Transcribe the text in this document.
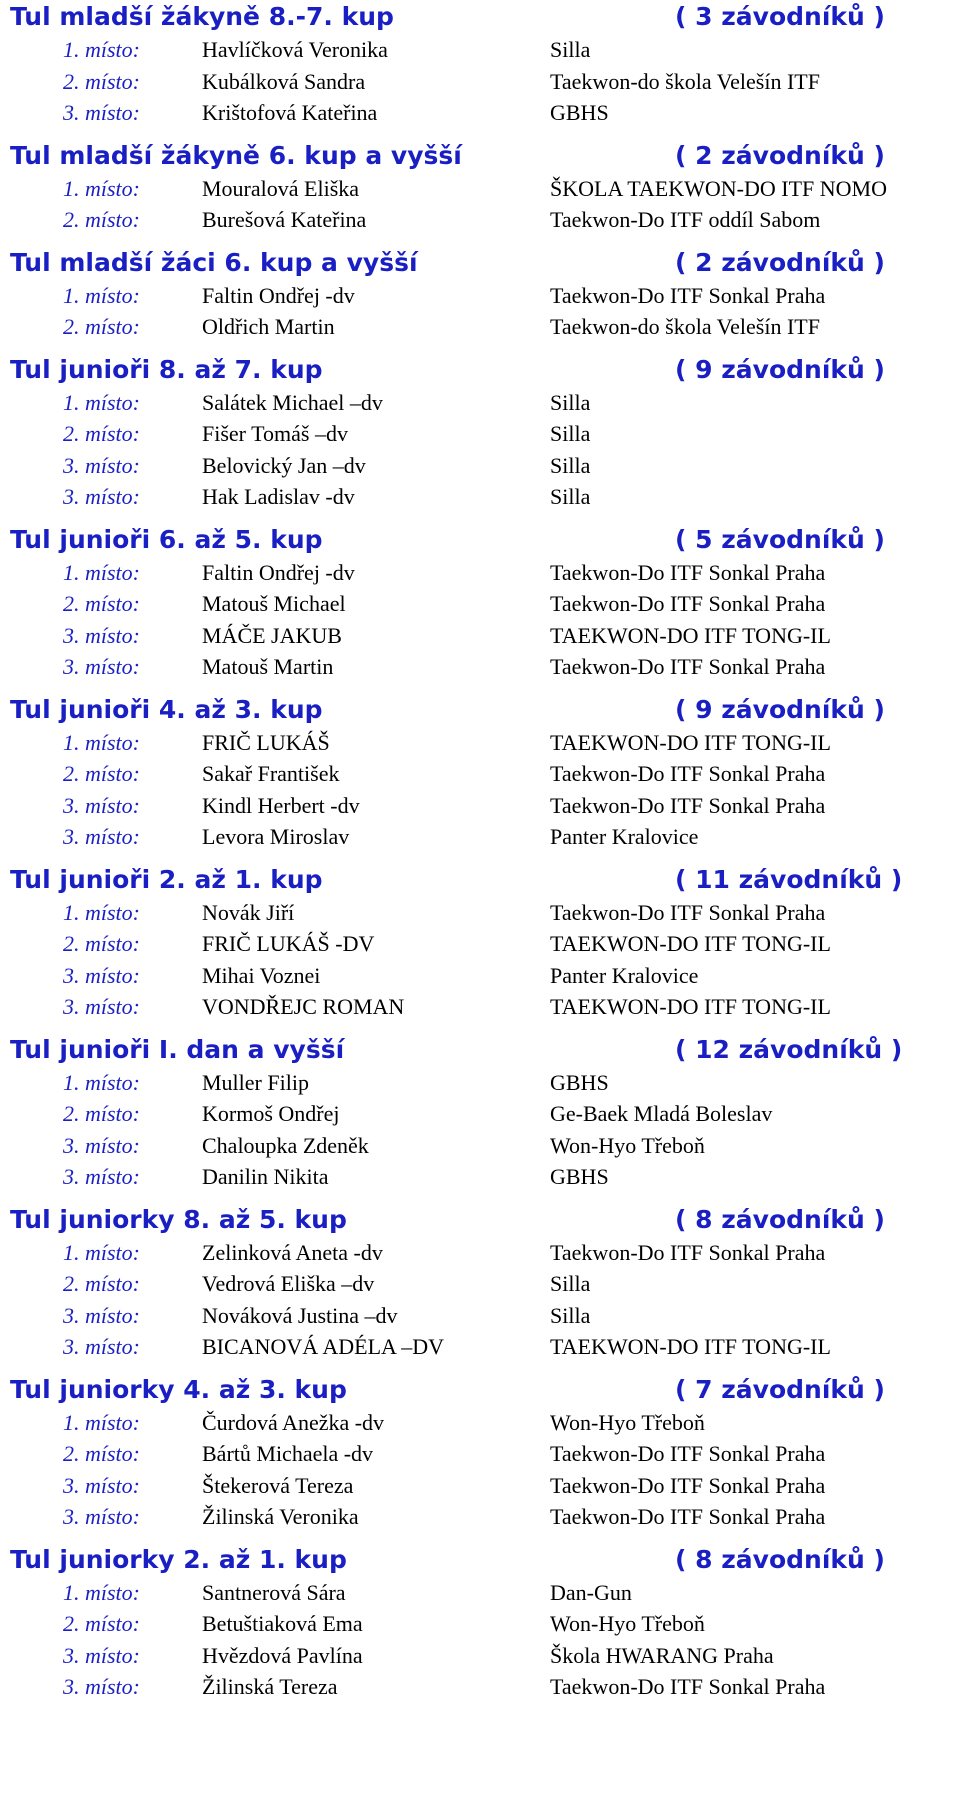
Tul mladší žákyně 8.-7. kup	( 3 závodníků )
1. místo:	Havlíčková Veronika	Silla
2. místo:	Kubálková Sandra	Taekwon-do škola Velešín ITF
3. místo:	Krištofová Kateřina	GBHS
Tul mladší žákyně 6. kup a vyšší	( 2 závodníků )
1. místo:	Mouralová Eliška	ŠKOLA TAEKWON-DO ITF NOMO
2. místo:	Burešová Kateřina	Taekwon-Do ITF oddíl Sabom
Tul mladší žáci 6. kup a vyšší	( 2 závodníků )
1. místo:	Faltin Ondřej -dv	Taekwon-Do ITF Sonkal Praha
2. místo:	Oldřich Martin	Taekwon-do škola Velešín ITF
Tul junioři 8. až 7. kup	( 9 závodníků )
1. místo:	Salátek Michael –dv	Silla
2. místo:	Fišer Tomáš –dv	Silla
3. místo:	Belovický Jan –dv	Silla
3. místo:	Hak Ladislav -dv	Silla
Tul junioři 6. až 5. kup	( 5 závodníků )
1. místo:	Faltin Ondřej -dv	Taekwon-Do ITF Sonkal Praha
2. místo:	Matouš Michael	Taekwon-Do ITF Sonkal Praha
3. místo:	MÁČE JAKUB	TAEKWON-DO ITF TONG-IL
3. místo:	Matouš Martin	Taekwon-Do ITF Sonkal Praha
Tul junioři 4. až 3. kup	( 9 závodníků )
1. místo:	FRIČ LUKÁŠ	TAEKWON-DO ITF TONG-IL
2. místo:	Sakař František	Taekwon-Do ITF Sonkal Praha
3. místo:	Kindl Herbert -dv	Taekwon-Do ITF Sonkal Praha
3. místo:	Levora Miroslav	Panter Kralovice
Tul junioři 2. až 1. kup	( 11 závodníků )
1. místo:	Novák Jiří	Taekwon-Do ITF Sonkal Praha
2. místo:	FRIČ LUKÁŠ -DV	TAEKWON-DO ITF TONG-IL
3. místo:	Mihai Voznei	Panter Kralovice
3. místo:	VONDŘEJC ROMAN	TAEKWON-DO ITF TONG-IL
Tul junioři I. dan a vyšší	( 12 závodníků )
1. místo:	Muller Filip	GBHS
2. místo:	Kormoš Ondřej	Ge-Baek Mladá Boleslav
3. místo:	Chaloupka Zdeněk	Won-Hyo Třeboň
3. místo:	Danilin Nikita	GBHS
Tul juniorky 8. až 5. kup	( 8 závodníků )
1. místo:	Zelinková Aneta -dv	Taekwon-Do ITF Sonkal Praha
2. místo:	Vedrová Eliška –dv	Silla
3. místo:	Nováková Justina –dv	Silla
3. místo:	BICANOVÁ ADÉLA –DV	TAEKWON-DO ITF TONG-IL
Tul juniorky 4. až 3. kup	( 7 závodníků )
1. místo:	Čurdová Anežka -dv	Won-Hyo Třeboň
2. místo:	Bártů Michaela -dv	Taekwon-Do ITF Sonkal Praha
3. místo:	Štekerová Tereza	Taekwon-Do ITF Sonkal Praha
3. místo:	Žilinská Veronika	Taekwon-Do ITF Sonkal Praha
Tul juniorky 2. až 1. kup	( 8 závodníků )
1. místo:	Santnerová Sára	Dan-Gun
2. místo:	Betuštiaková Ema	Won-Hyo Třeboň
3. místo:	Hvězdová Pavlína	Škola HWARANG Praha
3. místo:	Žilinská Tereza	Taekwon-Do ITF Sonkal Praha
